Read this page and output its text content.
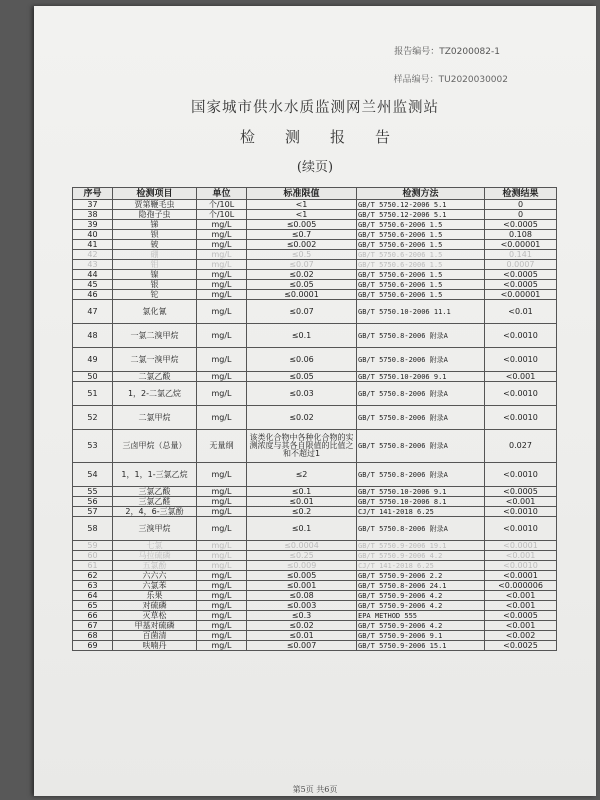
报告编号：TZ0200082-1
样品编号：TU2020030002
国家城市供水水质监测网兰州监测站
检测报告
(续页)
序号	检测项目	单位	标准限值	检测方法	检测结果
37	贾第鞭毛虫	个/10L	<1	GB/T 5750.12-2006 5.1	0
38	隐孢子虫	个/10L	<1	GB/T 5750.12-2006 5.1	0
39	锑	mg/L	≤0.005	GB/T 5750.6-2006 1.5	<0.0005
40	钡	mg/L	≤0.7	GB/T 5750.6-2006 1.5	0.108
41	铍	mg/L	≤0.002	GB/T 5750.6-2006 1.5	<0.00001
42	硼	mg/L	≤0.5	GB/T 5750.6-2006 1.5	0.141
43	钼	mg/L	≤0.07	GB/T 5750.6-2006 1.5	0.0007
44	镍	mg/L	≤0.02	GB/T 5750.6-2006 1.5	<0.0005
45	银	mg/L	≤0.05	GB/T 5750.6-2006 1.5	<0.0005
46	铊	mg/L	≤0.0001	GB/T 5750.6-2006 1.5	<0.00001
47	氯化氰	mg/L	≤0.07	GB/T 5750.10-2006 11.1	<0.01
48	一氯二溴甲烷	mg/L	≤0.1	GB/T 5750.8-2006 附录A	<0.0010
49	二氯一溴甲烷	mg/L	≤0.06	GB/T 5750.8-2006 附录A	<0.0010
50	二氯乙酸	mg/L	≤0.05	GB/T 5750.10-2006 9.1	<0.001
51	1，2-二氯乙烷	mg/L	≤0.03	GB/T 5750.8-2006 附录A	<0.0010
52	二氯甲烷	mg/L	≤0.02	GB/T 5750.8-2006 附录A	<0.0010
53	三卤甲烷（总量）	无量纲	该类化合物中各种化合物的实测浓度与其各自限值的比值之和不超过1	GB/T 5750.8-2006 附录A	0.027
54	1，1，1-三氯乙烷	mg/L	≤2	GB/T 5750.8-2006 附录A	<0.0010
55	三氯乙酸	mg/L	≤0.1	GB/T 5750.10-2006 9.1	<0.0005
56	三氯乙醛	mg/L	≤0.01	GB/T 5750.10-2006 8.1	<0.001
57	2，4，6-三氯酚	mg/L	≤0.2	CJ/T 141-2018 6.25	<0.0010
58	三溴甲烷	mg/L	≤0.1	GB/T 5750.8-2006 附录A	<0.0010
59	七氯	mg/L	≤0.0004	GB/T 5750.9-2006 19.1	<0.0001
60	马拉硫磷	mg/L	≤0.25	GB/T 5750.9-2006 4.2	<0.001
61	五氯酚	mg/L	≤0.009	CJ/T 141-2018 6.25	<0.0010
62	六六六	mg/L	≤0.005	GB/T 5750.9-2006 2.2	<0.0001
63	六氯苯	mg/L	≤0.001	GB/T 5750.8-2006 24.1	<0.000006
64	乐果	mg/L	≤0.08	GB/T 5750.9-2006 4.2	<0.001
65	对硫磷	mg/L	≤0.003	GB/T 5750.9-2006 4.2	<0.001
66	灭草松	mg/L	≤0.3	EPA METHOD 555	<0.0005
67	甲基对硫磷	mg/L	≤0.02	GB/T 5750.9-2006 4.2	<0.001
68	百菌清	mg/L	≤0.01	GB/T 5750.9-2006 9.1	<0.002
69	呋喃丹	mg/L	≤0.007	GB/T 5750.9-2006 15.1	<0.0025
第5页 共6页
